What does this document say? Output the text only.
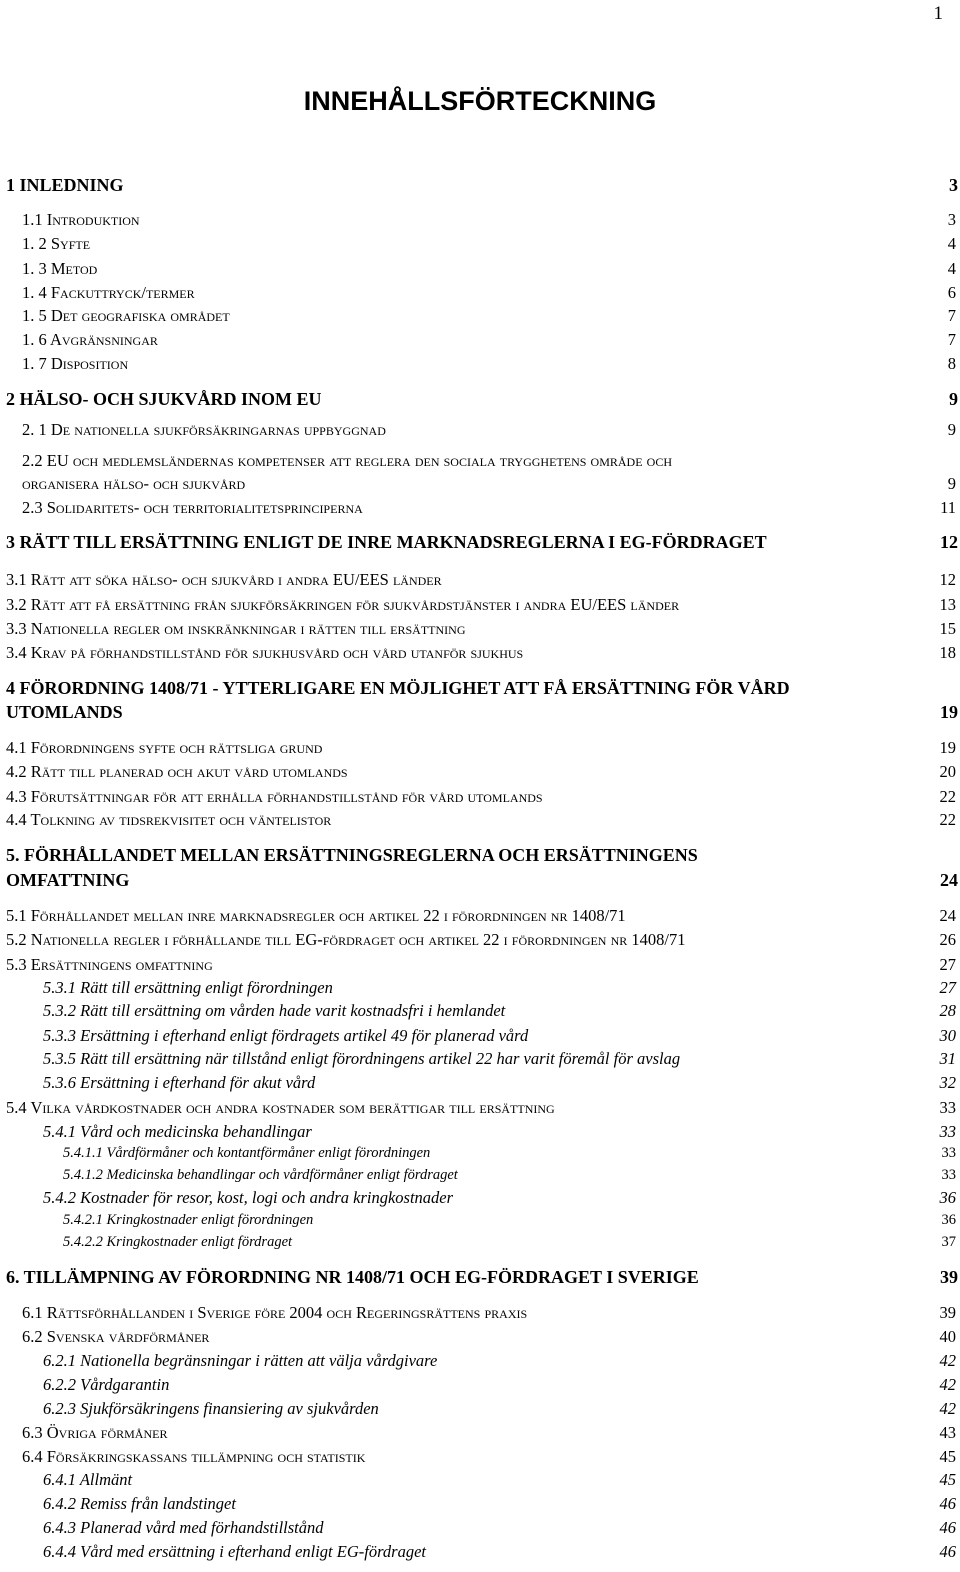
1
INNEHÅLLSFÖRTECKNING
1 INLEDNING	3
1.1 Introduktion	3
1. 2 Syfte	4
1. 3 Metod	4
1. 4 Fackuttryck/termer	6
1. 5 Det geografiska området	7
1. 6 Avgränsningar	7
1. 7 Disposition	8
2 HÄLSO- OCH SJUKVÅRD INOM EU	9
2. 1 De nationella sjukförsäkringarnas uppbyggnad	9
2.2 EU och medlemsländernas kompetenser att reglera den sociala trygghetens område och
organisera hälso- och sjukvård	9
2.3 Solidaritets- och territorialitetsprinciperna	11
3 RÄTT TILL ERSÄTTNING ENLIGT DE INRE MARKNADSREGLERNA I EG-FÖRDRAGET	12
3.1 Rätt att söka hälso- och sjukvård i andra EU/EES länder	12
3.2 Rätt att få ersättning från sjukförsäkringen för sjukvårdstjänster i andra EU/EES länder	13
3.3 Nationella regler om inskränkningar i rätten till ersättning	15
3.4 Krav på förhandstillstånd för sjukhusvård och vård utanför sjukhus	18
4 FÖRORDNING 1408/71 - YTTERLIGARE EN MÖJLIGHET ATT FÅ ERSÄTTNING FÖR VÅRD
UTOMLANDS	19
4.1 Förordningens syfte och rättsliga grund	19
4.2 Rätt till planerad och akut vård utomlands	20
4.3 Förutsättningar för att erhålla förhandstillstånd för vård utomlands	22
4.4 Tolkning av tidsrekvisitet och väntelistor	22
5. FÖRHÅLLANDET MELLAN ERSÄTTNINGSREGLERNA OCH ERSÄTTNINGENS
OMFATTNING	24
5.1 Förhållandet mellan inre marknadsregler och artikel 22 i förordningen nr 1408/71	24
5.2 Nationella regler i förhållande till EG-fördraget och artikel 22 i förordningen nr 1408/71	26
5.3 Ersättningens omfattning	27
5.3.1 Rätt till ersättning enligt förordningen	27
5.3.2 Rätt till ersättning om vården hade varit kostnadsfri i hemlandet	28
5.3.3 Ersättning i efterhand enligt fördragets artikel 49 för planerad vård	30
5.3.5 Rätt till ersättning när tillstånd enligt förordningens artikel 22 har varit föremål för avslag	31
5.3.6 Ersättning i efterhand för akut vård	32
5.4 Vilka vårdkostnader och andra kostnader som berättigar till ersättning	33
5.4.1 Vård och medicinska behandlingar	33
5.4.1.1 Vårdförmåner och kontantförmåner enligt förordningen	33
5.4.1.2 Medicinska behandlingar och vårdförmåner enligt fördraget	33
5.4.2 Kostnader för resor, kost, logi och andra kringkostnader	36
5.4.2.1 Kringkostnader enligt förordningen	36
5.4.2.2 Kringkostnader enligt fördraget	37
6. TILLÄMPNING AV FÖRORDNING NR 1408/71 OCH EG-FÖRDRAGET I SVERIGE	39
6.1 Rättsförhållanden i Sverige före 2004 och Regeringsrättens praxis	39
6.2 Svenska vårdförmåner	40
6.2.1 Nationella begränsningar i rätten att välja vårdgivare	42
6.2.2 Vårdgarantin	42
6.2.3 Sjukförsäkringens finansiering av sjukvården	42
6.3 Övriga förmåner	43
6.4 Försäkringskassans tillämpning och statistik	45
6.4.1 Allmänt	45
6.4.2 Remiss från landstinget	46
6.4.3 Planerad vård med förhandstillstånd	46
6.4.4 Vård med ersättning i efterhand enligt EG-fördraget	46
